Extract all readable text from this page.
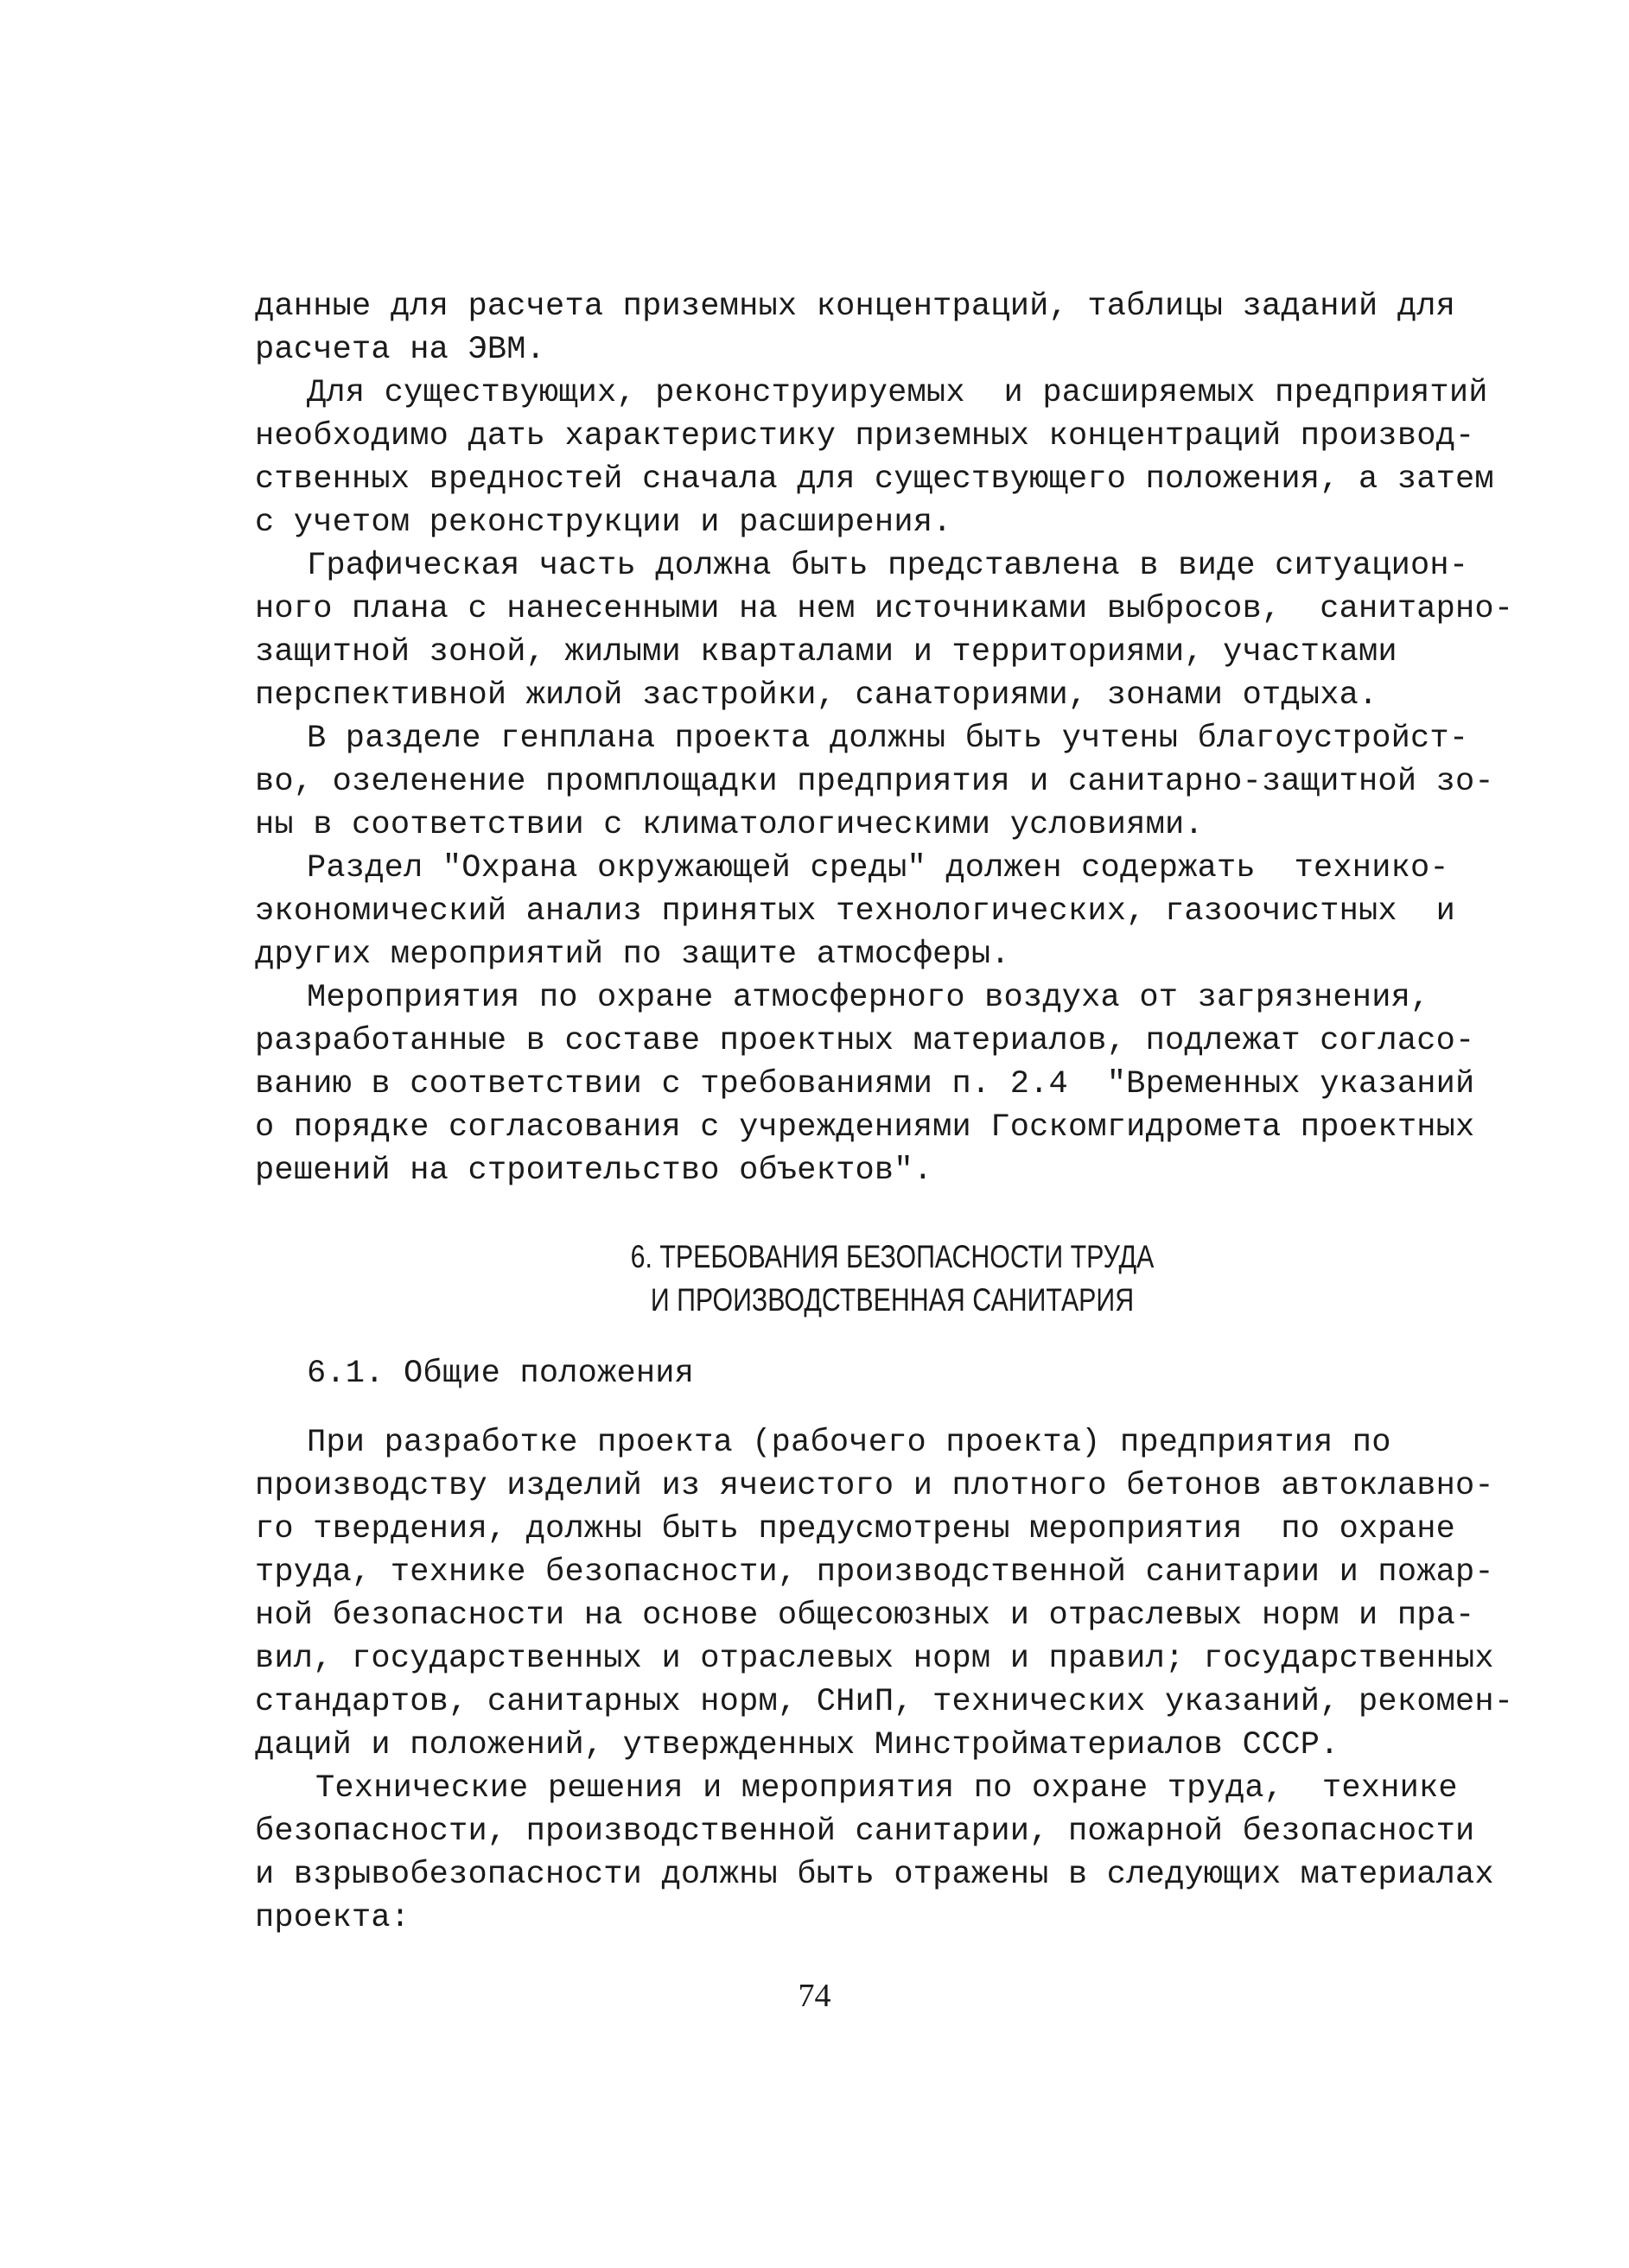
данные для расчета приземных концентраций, таблицы заданий для
расчета на ЭВМ.
Для существующих, реконструируемых  и расширяемых предприятий
необходимо дать характеристику приземных концентраций производ-
ственных вредностей сначала для существующего положения, а затем
с учетом реконструкции и расширения.
Графическая часть должна быть представлена в виде ситуацион-
ного плана с нанесенными на нем источниками выбросов,  санитарно-
защитной зоной, жилыми кварталами и территориями, участками
перспективной жилой застройки, санаториями, зонами отдыха.
В разделе генплана проекта должны быть учтены благоустройст-
во, озеленение промплощадки предприятия и санитарно-защитной зо-
ны в соответствии с климатологическими условиями.
Раздел "Охрана окружающей среды" должен содержать  технико-
экономический анализ принятых технологических, газоочистных  и
других мероприятий по защите атмосферы.
Мероприятия по охране атмосферного воздуха от загрязнения,
разработанные в составе проектных материалов, подлежат согласо-
ванию в соответствии с требованиями п. 2.4  "Временных указаний
о порядке согласования с учреждениями Госкомгидромета проектных
решений на строительство объектов".
6. ТРЕБОВАНИЯ БЕЗОПАСНОСТИ ТРУДА
И ПРОИЗВОДСТВЕННАЯ САНИТАРИЯ
6.1. Общие положения
При разработке проекта (рабочего проекта) предприятия по
производству изделий из ячеистого и плотного бетонов автоклавно-
го твердения, должны быть предусмотрены мероприятия  по охране
труда, технике безопасности, производственной санитарии и пожар-
ной безопасности на основе общесоюзных и отраслевых норм и пра-
вил, государственных и отраслевых норм и правил; государственных
стандартов, санитарных норм, СНиП, технических указаний, рекомен-
даций и положений, утвержденных Минстройматериалов СССР.
Технические решения и мероприятия по охране труда,  технике
безопасности, производственной санитарии, пожарной безопасности
и взрывобезопасности должны быть отражены в следующих материалах
проекта:
74
